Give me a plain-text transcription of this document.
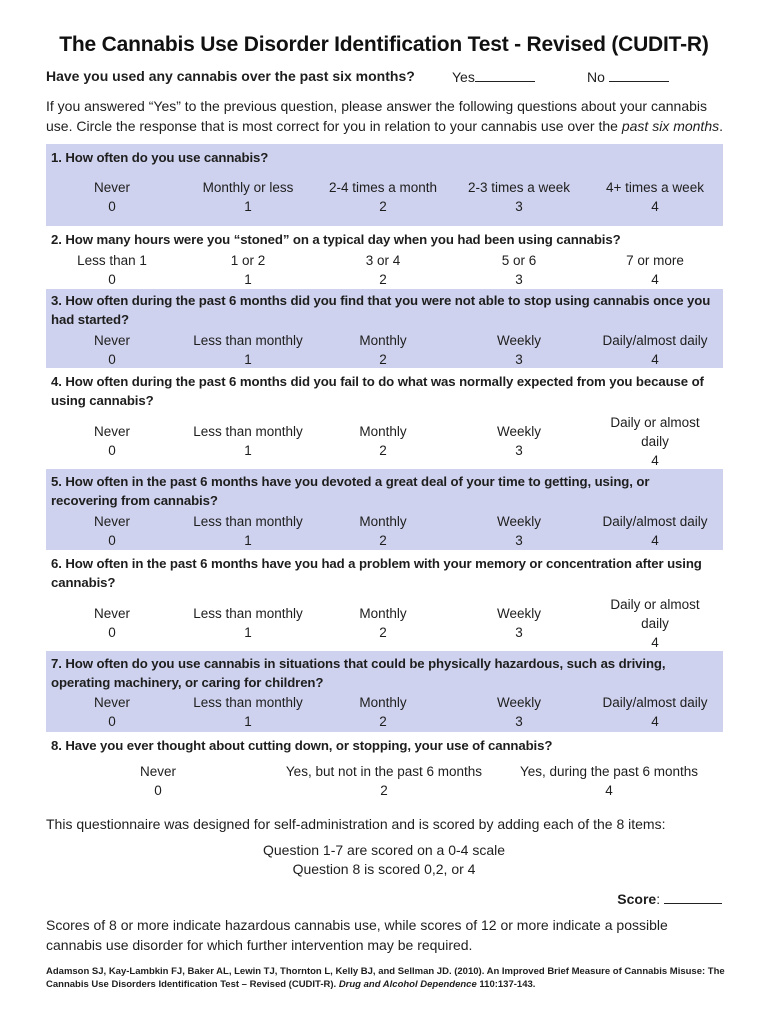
The Cannabis Use Disorder Identification Test - Revised (CUDIT-R)
Have you used any cannabis over the past six months?	Yes	No
If you answered “Yes” to the previous question, please answer the following questions about your cannabis use. Circle the response that is most correct for you in relation to your cannabis use over the past six months.
1. How often do you use cannabis?
Never
0
Monthly or less
1
2-4 times a month
2
2-3 times a week
3
4+ times a week
4
2. How many hours were you “stoned” on a typical day when you had been using cannabis?
Less than 1
0
1 or 2
1
3 or 4
2
5 or 6
3
7 or more
4
3. How often during the past 6 months did you find that you were not able to stop using cannabis once you had started?
Never
0
Less than monthly
1
Monthly
2
Weekly
3
Daily/almost daily
4
4. How often during the past 6 months did you fail to do what was normally expected from you because of using cannabis?
Never
0
Less than monthly
1
Monthly
2
Weekly
3
Daily or almost daily
4
5. How often in the past 6 months have you devoted a great deal of your time to getting, using, or recovering from cannabis?
Never
0
Less than monthly
1
Monthly
2
Weekly
3
Daily/almost daily
4
6. How often in the past 6 months have you had a problem with your memory or concentration after using cannabis?
Never
0
Less than monthly
1
Monthly
2
Weekly
3
Daily or almost daily
4
7. How often do you use cannabis in situations that could be physically hazardous, such as driving, operating machinery, or caring for children?
Never
0
Less than monthly
1
Monthly
2
Weekly
3
Daily/almost daily
4
8. Have you ever thought about cutting down, or stopping, your use of cannabis?
Never
0
Yes, but not in the past 6 months
2
Yes, during the past 6 months
4
This questionnaire was designed for self-administration and is scored by adding each of the 8 items:
Question 1-7 are scored on a 0-4 scale
Question 8 is scored 0,2, or 4
Score:
Scores of 8 or more indicate hazardous cannabis use, while scores of 12 or more indicate a possible cannabis use disorder for which further intervention may be required.
Adamson SJ, Kay-Lambkin FJ, Baker AL, Lewin TJ, Thornton L, Kelly BJ, and Sellman JD. (2010). An Improved Brief Measure of Cannabis Misuse: The Cannabis Use Disorders Identification Test – Revised (CUDIT-R). Drug and Alcohol Dependence 110:137-143.
